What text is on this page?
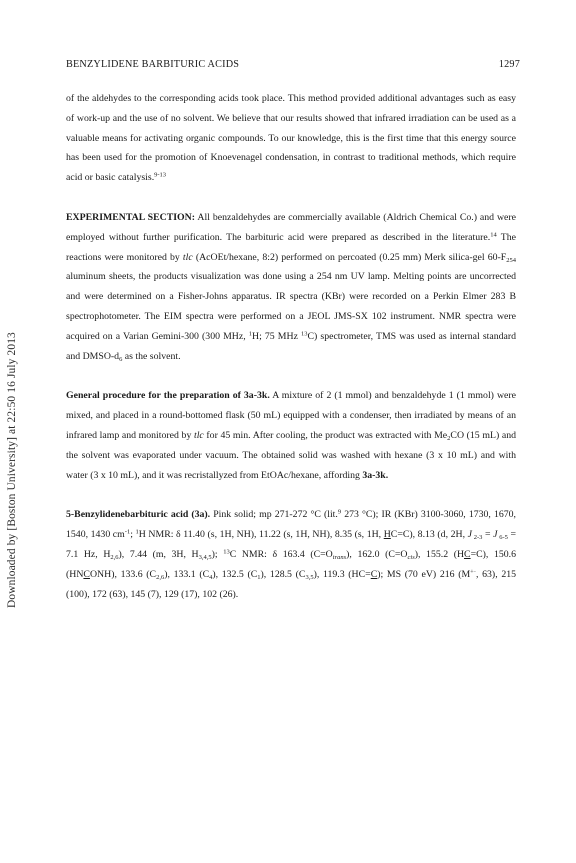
BENZYLIDENE BARBITURIC ACIDS	1297
Downloaded by [Boston University] at 22:50 16 July 2013

of the aldehydes to the corresponding acids took place. This method provided additional advantages such as easy of work-up and the use of no solvent. We believe that our results showed that infrared irradiation can be used as a valuable means for activating organic compounds. To our knowledge, this is the first time that this energy source has been used for the promotion of Knoevenagel condensation, in contrast to traditional methods, which require acid or basic catalysis.$^{9-13}$

EXPERIMENTAL SECTION: All benzaldehydes are commercially available (Aldrich Chemical Co.) and were employed without further purification. The barbituric acid were prepared as described in the literature.$^{14}$ The reactions were monitored by tlc (AcOEt/hexane, 8:2) performed on percoated (0.25 mm) Merk silica-gel $60-F_{254}$ aluminum sheets, the products visualization was done using a 254 nm UV lamp. Melting points are uncorrected and were determined on a Fisher-Johns apparatus. IR spectra (KBr) were recorded on a Perkin Elmer 283 B spectrophotometer. The EIM spectra were performed on a JEOL JMS-SX 102 instrument. NMR spectra were acquired on a Varian Gemini-300 (300 MHz, $^1$H; 75 MHz $^{13}$C) spectrometer, TMS was used as internal standard and DMSO-$d_6$ as the solvent.

General procedure for the preparation of 3a-3k. A mixture of 2 (1 mmol) and benzaldehyde 1 (1 mmol) were mixed, and placed in a round-bottomed flask (50 mL) equipped with a condenser, then irradiated by means of an infrared lamp and monitored by tlc for 45 min. After cooling, the product was extracted with $Me_2CO$ (15 mL) and the solvent was evaporated under vacuum. The obtained solid was washed with hexane (3 x 10 mL) and with water (3 x 10 mL), and it was recristallyzed from EtOAc/hexane, affording 3a-3k.

5-Benzylidenebarbituric acid (3a). Pink solid; mp 271-272 °C (lit.$^9$ 273 °C); IR (KBr) 3100-3060, 1730, 1670, 1540, 1430 $cm^{-1}$; $^1$H NMR: δ 11.40 (s, 1H, NH), 11.22 (s, 1H, NH), 8.35 (s, 1H, HC=C), 8.13 (d, 2H, J $_{2-3}$ = J $_{6-5}$ = 7.1 Hz, $H_{2,6}$), 7.44 (m, 3H, $H_{3,4,5}$); $^{13}$C NMR: δ 163.4 $(C=O_{trans})$, 162.0 $(C=O_{cis})$, 155.2 (HC=C), 150.6 (HNCONH), 133.6 $(C_{2,6})$, 133.1 $(C_4)$, 132.5 $(C_1)$, 128.5 $(C_{3,5})$, 119.3 (HC=C); MS (70 eV) 216 (M+·, 63), 215 (100), 172 (63), 145 (7), 129 (17), 102 (26).
